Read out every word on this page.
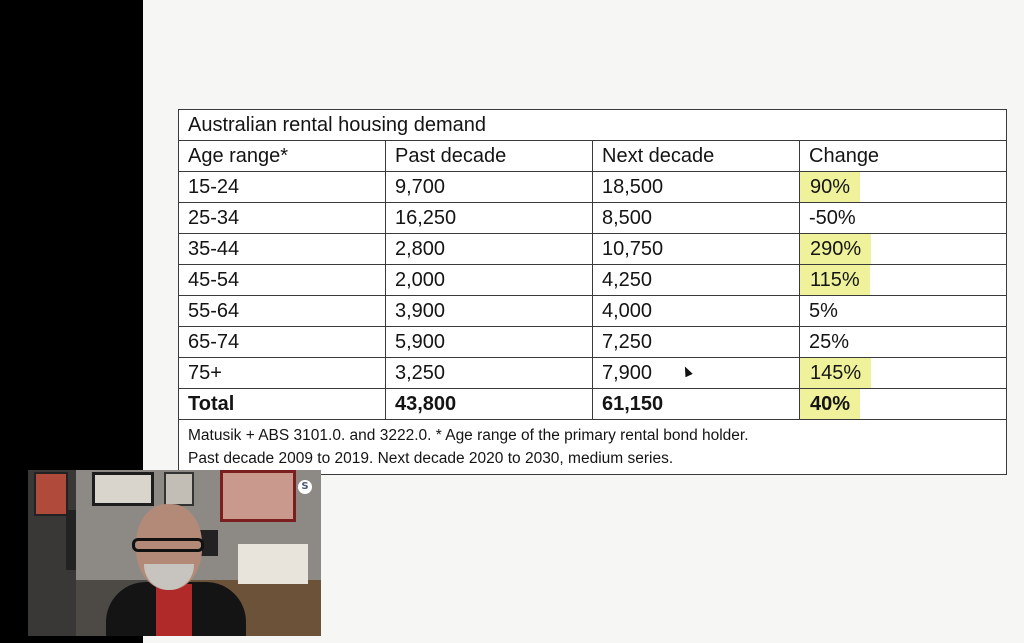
Australian rental housing demand			
Age range*	Past decade	Next decade	Change
15-24	9,700	18,500	90%
25-34	16,250	8,500	-50%
35-44	2,800	10,750	290%
45-54	2,000	4,250	115%
55-64	3,900	4,000	5%
65-74	5,900	7,250	25%
75+	3,250	7,900	145%
Total	43,800	61,150	40%

Matusik + ABS 3101.0. and 3222.0. * Age range of the primary rental bond holder.
Past decade 2009 to 2019. Next decade 2020 to 2030, medium series.			
S
